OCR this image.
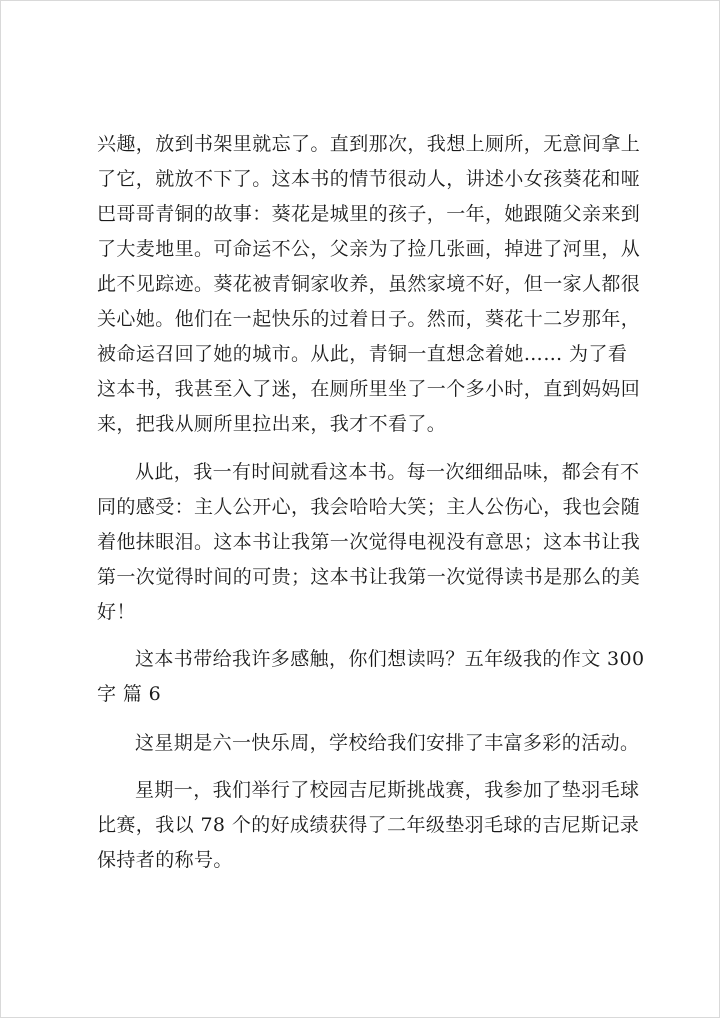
兴趣，放到书架里就忘了。直到那次，我想上厕所，无意间拿上
了它，就放不下了。这本书的情节很动人，讲述小女孩葵花和哑
巴哥哥青铜的故事：葵花是城里的孩子，一年，她跟随父亲来到
了大麦地里。可命运不公，父亲为了捡几张画，掉进了河里，从
此不见踪迹。葵花被青铜家收养，虽然家境不好，但一家人都很
关心她。他们在一起快乐的过着日子。然而，葵花十二岁那年，
被命运召回了她的城市。从此，青铜一直想念着她…… 为了看
这本书，我甚至入了迷，在厕所里坐了一个多小时，直到妈妈回
来，把我从厕所里拉出来，我才不看了。
从此，我一有时间就看这本书。每一次细细品味，都会有不
同的感受：主人公开心，我会哈哈大笑；主人公伤心，我也会随
着他抹眼泪。这本书让我第一次觉得电视没有意思；这本书让我
第一次觉得时间的可贵；这本书让我第一次觉得读书是那么的美
好！
这本书带给我许多感触，你们想读吗？五年级我的作文 300
字 篇 6
这星期是六一快乐周，学校给我们安排了丰富多彩的活动。
星期一，我们举行了校园吉尼斯挑战赛，我参加了垫羽毛球
比赛，我以 78 个的好成绩获得了二年级垫羽毛球的吉尼斯记录
保持者的称号。
